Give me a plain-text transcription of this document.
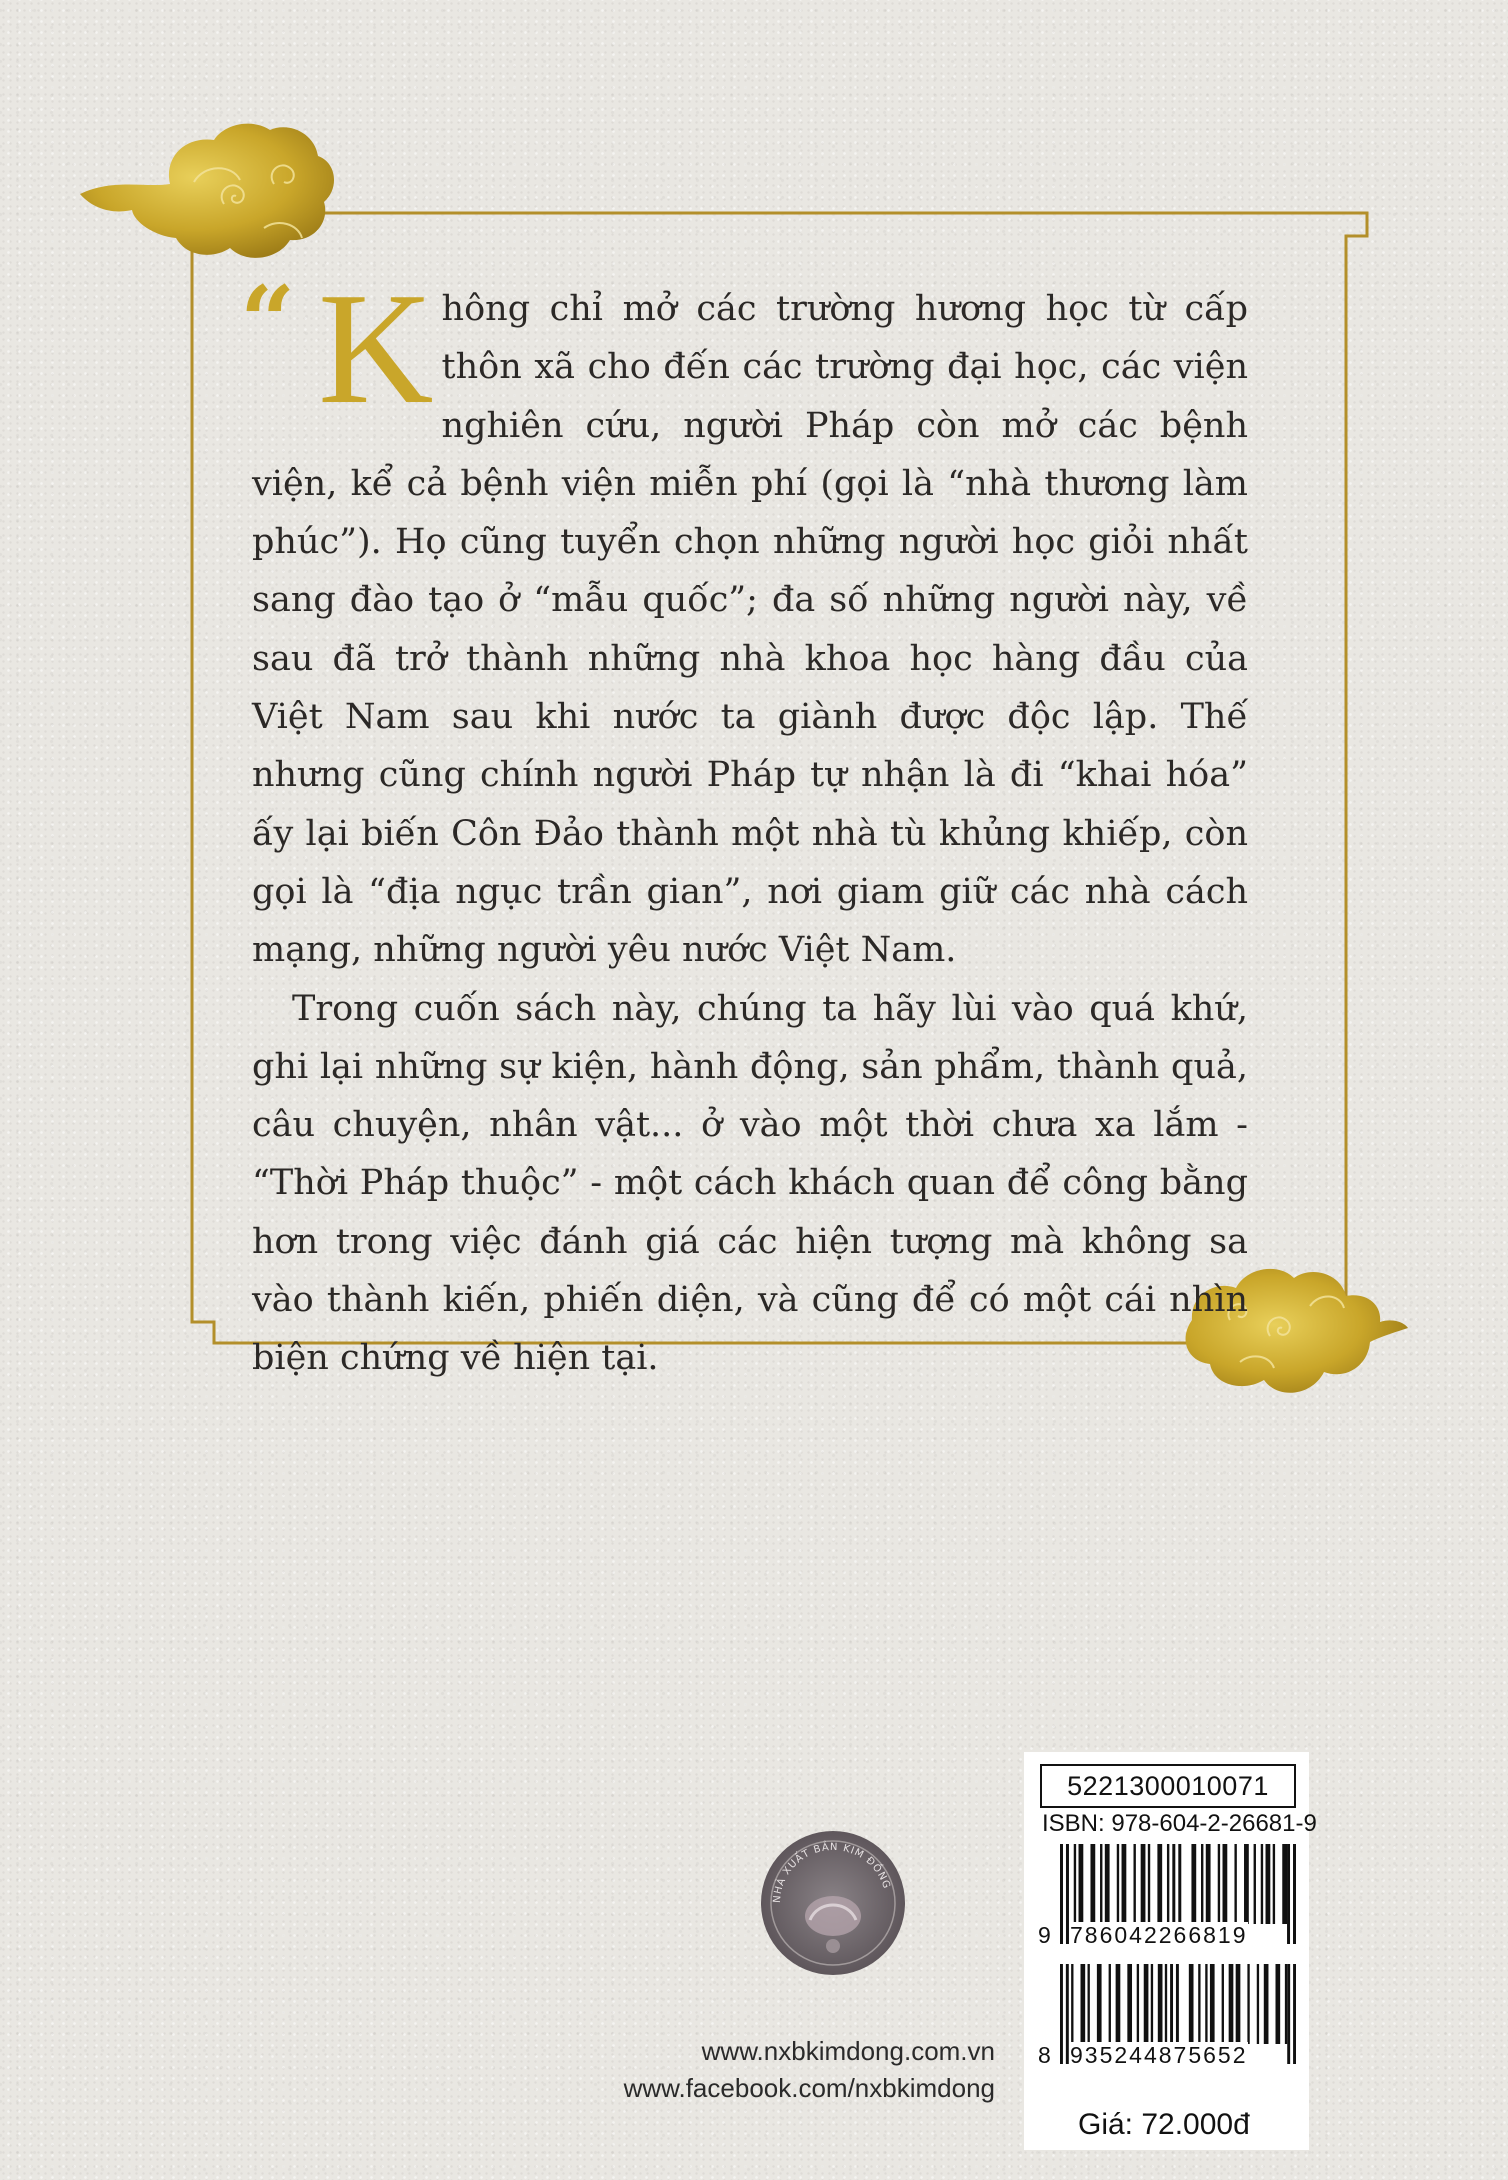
“ Không chỉ mở các trường hương học từ cấp thôn xã cho đến các trường đại học, các viện nghiên cứu, người Pháp còn mở các bệnh viện, kể cả bệnh viện miễn phí (gọi là “nhà thương làm phúc”). Họ cũng tuyển chọn những người học giỏi nhất sang đào tạo ở “mẫu quốc”; đa số những người này, về sau đã trở thành những nhà khoa học hàng đầu của Việt Nam sau khi nước ta giành được độc lập. Thế nhưng cũng chính người Pháp tự nhận là đi “khai hóa” ấy lại biến Côn Đảo thành một nhà tù khủng khiếp, còn gọi là “địa ngục trần gian”, nơi giam giữ các nhà cách mạng, những người yêu nước Việt Nam.

Trong cuốn sách này, chúng ta hãy lùi vào quá khứ, ghi lại những sự kiện, hành động, sản phẩm, thành quả, câu chuyện, nhân vật... ở vào một thời chưa xa lắm - “Thời Pháp thuộc” - một cách khách quan để công bằng hơn trong việc đánh giá các hiện tượng mà không sa vào thành kiến, phiến diện, và cũng để có một cái nhìn biện chứng về hiện tại.

NHÀ XUẤT BẢN KIM ĐỒNG
www.nxbkimdong.com.vn
www.facebook.com/nxbkimdong
5221300010071
ISBN: 978-604-2-26681-9
9 786042266819
8 935244875652
Giá: 72.000đ
